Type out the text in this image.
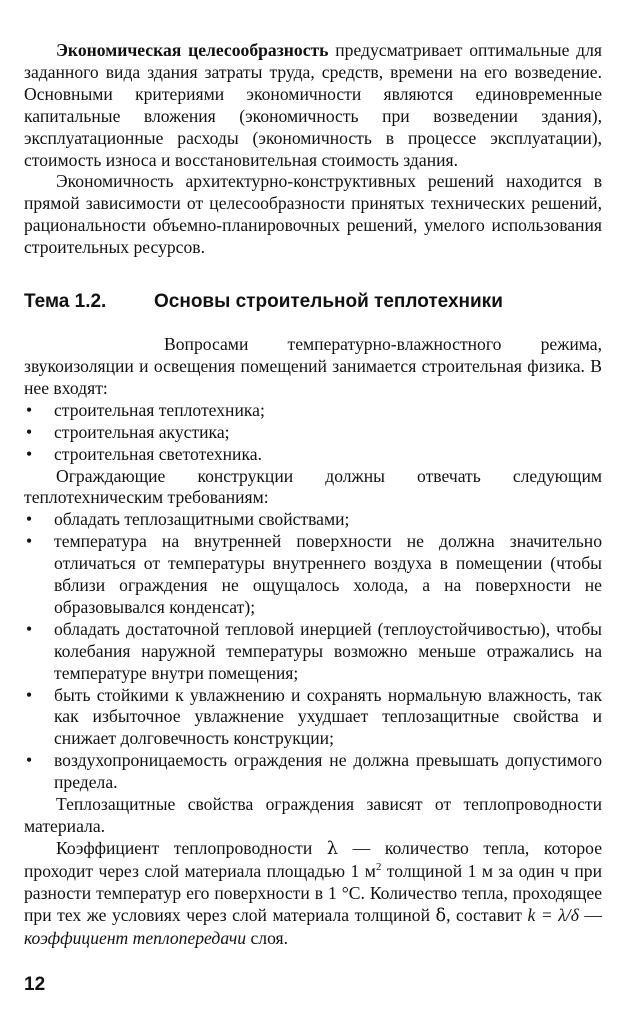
Экономическая целесообразность предусматривает оптимальные для заданного вида здания затраты труда, средств, времени на его возведение. Основными критериями экономичности являются единовременные капитальные вложения (экономичность при возведении здания), эксплуатационные расходы (экономичность в процессе эксплуатации), стоимость износа и восстановительная стоимость здания.

Экономичность архитектурно-конструктивных решений находится в прямой зависимости от целесообразности принятых технических решений, рациональности объемно-планировочных решений, умелого использования строительных ресурсов.

Тема 1.2.	Основы строительной теплотехники

Вопросами температурно-влажностного режима, звукоизоляции и освещения помещений занимается строительная физика. В нее входят:

• строительная теплотехника;
• строительная акустика;
• строительная светотехника.

Ограждающие конструкции должны отвечать следующим теплотехническим требованиям:

• обладать теплозащитными свойствами;
• температура на внутренней поверхности не должна значительно отличаться от температуры внутреннего воздуха в помещении (чтобы вблизи ограждения не ощущалось холода, а на поверхности не образовывался конденсат);
• обладать достаточной тепловой инерцией (теплоустойчивостью), чтобы колебания наружной температуры возможно меньше отражались на температуре внутри помещения;
• быть стойкими к увлажнению и сохранять нормальную влажность, так как избыточное увлажнение ухудшает теплозащитные свойства и снижает долговечность конструкции;
• воздухопроницаемость ограждения не должна превышать допустимого предела.

Теплозащитные свойства ограждения зависят от теплопроводности материала.

Коэффициент теплопроводности λ — количество тепла, которое проходит через слой материала площадью 1 $м^2$ толщиной 1 м за один ч при разности температур его поверхности в 1 °С. Количество тепла, проходящее при тех же условиях через слой материала толщиной δ, составит k = λ/δ — коэффициент теплопередачи слоя.

12
